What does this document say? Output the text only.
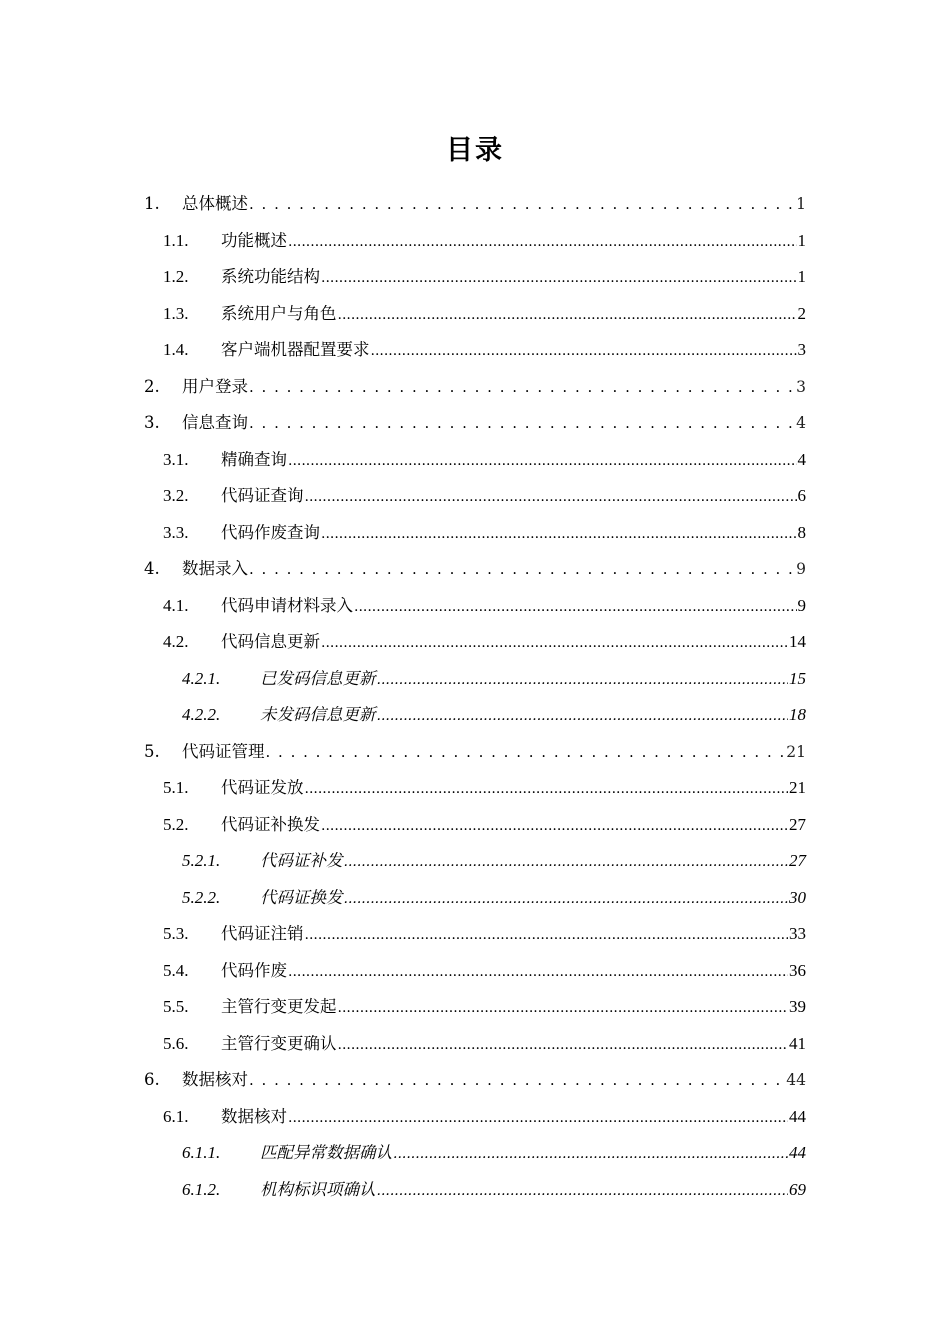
目录
1.	总体概述 . . .	1
1.1.	功能概述 .....	1
1.2.	系统功能结构 .....	1
1.3.	系统用户与角色 .....	2
1.4.	客户端机器配置要求 .....	3
2.	用户登录 . . .	3
3.	信息查询 . . .	4
3.1.	精确查询 .....	4
3.2.	代码证查询 .....	6
3.3.	代码作废查询 .....	8
4.	数据录入 . . .	9
4.1.	代码申请材料录入 .....	9
4.2.	代码信息更新 .....	14
4.2.1.	已发码信息更新 .....	15
4.2.2.	未发码信息更新 .....	18
5.	代码证管理 . . .	21
5.1.	代码证发放 .....	21
5.2.	代码证补换发 .....	27
5.2.1.	代码证补发 .....	27
5.2.2.	代码证换发 .....	30
5.3.	代码证注销 .....	33
5.4.	代码作废 .....	36
5.5.	主管行变更发起 .....	39
5.6.	主管行变更确认 .....	41
6.	数据核对 . . .	44
6.1.	数据核对 .....	44
6.1.1.	匹配异常数据确认 .....	44
6.1.2.	机构标识项确认 .....	69
